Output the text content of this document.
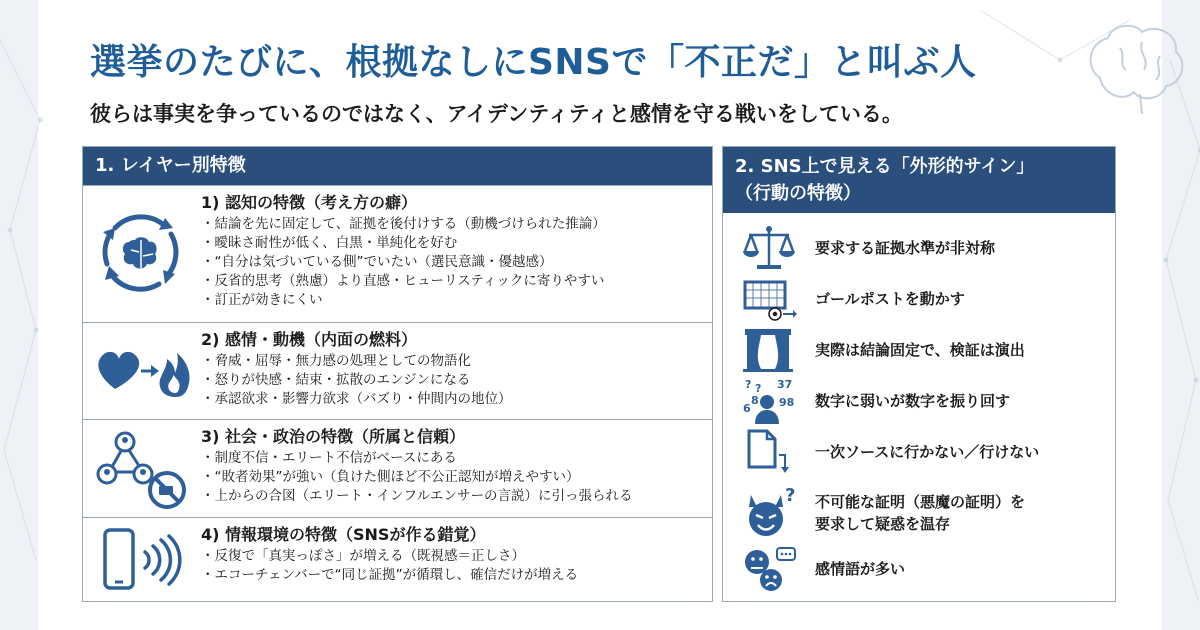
選挙のたびに、根拠なしにSNSで「不正だ」と叫ぶ人
彼らは事実を争っているのではなく、アイデンティティと感情を守る戦いをしている。
1. レイヤー別特徴
1) 認知の特徴（考え方の癖）
・ 結論を先に固定して、証拠を後付けする（動機づけられた推論）
・ 曖昧さ耐性が低く、白黒・単純化を好む
・ “自分は気づいている側”でいたい（選民意識・優越感）
・ 反省的思考（熟慮）より直感・ヒューリスティックに寄りやすい
・ 訂正が効きにくい
2) 感情・動機（内面の燃料）
・ 脅威・屈辱・無力感の処理としての物語化
・ 怒りが快感・結束・拡散のエンジンになる
・ 承認欲求・影響力欲求（バズり・仲間内の地位）
3) 社会・政治の特徴（所属と信頼）
・ 制度不信・エリート不信がベースにある
・ “敗者効果”が強い（負けた側ほど不公正認知が増えやすい）
・ 上からの合図（エリート・インフルエンサーの言説）に引っ張られる
4) 情報環境の特徴（SNSが作る錯覚）
・ 反復で「真実っぽさ」が増える（既視感＝正しさ）
・ エコーチェンバーで“同じ証拠”が循環し、確信だけが増える
2. SNS上で見える「外形的サイン」
（行動の特徴）
要求する証拠水準が非対称
ゴールポストを動かす
実際は結論固定で、検証は演出
? 37
?
6
8 98 数字に弱いが数字を振り回す
一次ソースに行かない／行けない
? 不可能な証明（悪魔の証明）を
要求して疑惑を温存
感情語が多い
